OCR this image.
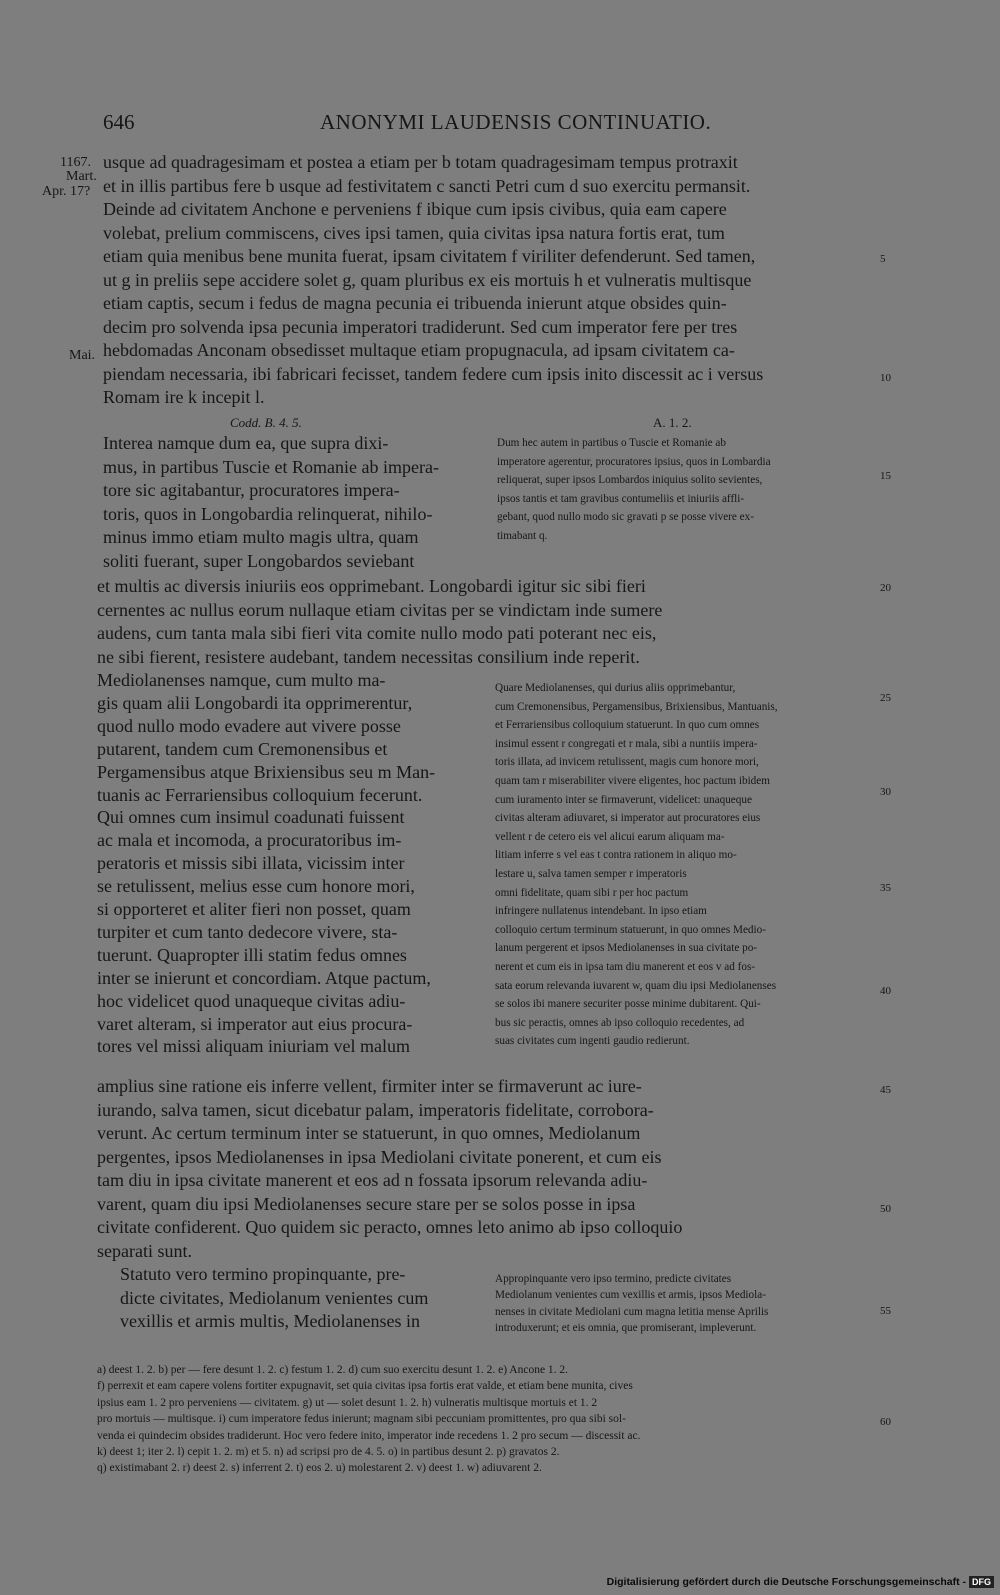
646	ANONYMI LAUDENSIS CONTINUATIO.
1167.
Mart.
Apr. 17?
Mai.
5
10
15
20
25
30
35
40
45
50
55
60
usque ad quadragesimam et postea a etiam per b totam quadragesimam tempus protraxit
et in illis partibus fere b usque ad festivitatem c sancti Petri cum d suo exercitu permansit.
Deinde ad civitatem Anchone e perveniens f ibique cum ipsis civibus, quia eam capere
volebat, prelium commiscens, cives ipsi tamen, quia civitas ipsa natura fortis erat, tum
etiam quia menibus bene munita fuerat, ipsam civitatem f viriliter defenderunt. Sed tamen,
ut g in preliis sepe accidere solet g, quam pluribus ex eis mortuis h et vulneratis multisque
etiam captis, secum i fedus de magna pecunia ei tribuenda inierunt atque obsides quin-
decim pro solvenda ipsa pecunia imperatori tradiderunt. Sed cum imperator fere per tres
hebdomadas Anconam obsedisset multaque etiam propugnacula, ad ipsam civitatem ca-
piendam necessaria, ibi fabricari fecisset, tandem federe cum ipsis inito discessit ac i versus
Romam ire k incepit l.
Codd. B. 4. 5.	A. 1. 2.
Interea namque dum ea, que supra dixi-
mus, in partibus Tuscie et Romanie ab impera-
tore sic agitabantur, procuratores impera-
toris, quos in Longobardia relinquerat, nihilo-
minus immo etiam multo magis ultra, quam
soliti fuerant, super Longobardos seviebant
Dum hec autem in partibus o Tuscie et Romanie ab
imperatore agerentur, procuratores ipsius, quos in Lombardia
reliquerat, super ipsos Lombardos iniquius solito sevientes,
ipsos tantis et tam gravibus contumeliis et iniuriis affli-
gebant, quod nullo modo sic gravati p se posse vivere ex-
timabant q.
et multis ac diversis iniuriis eos opprimebant. Longobardi igitur sic sibi fieri
cernentes ac nullus eorum nullaque etiam civitas per se vindictam inde sumere
audens, cum tanta mala sibi fieri vita comite nullo modo pati poterant nec eis,
ne sibi fierent, resistere audebant, tandem necessitas consilium inde reperit.
Mediolanenses namque, cum multo ma-
gis quam alii Longobardi ita opprimerentur,
quod nullo modo evadere aut vivere posse
putarent, tandem cum Cremonensibus et
Pergamensibus atque Brixiensibus seu m Man-
tuanis ac Ferrariensibus colloquium fecerunt.
Qui omnes cum insimul coadunati fuissent
ac mala et incomoda, a procuratoribus im-
peratoris et missis sibi illata, vicissim inter
se retulissent, melius esse cum honore mori,
si opporteret et aliter fieri non posset, quam
turpiter et cum tanto dedecore vivere, sta-
tuerunt. Quapropter illi statim fedus omnes
inter se inierunt et concordiam. Atque pactum,
hoc videlicet quod unaqueque civitas adiu-
varet alteram, si imperator aut eius procura-
tores vel missi aliquam iniuriam vel malum
Quare Mediolanenses, qui durius aliis opprimebantur,
cum Cremonensibus, Pergamensibus, Brixiensibus, Mantuanis,
et Ferrariensibus colloquium statuerunt. In quo cum omnes
insimul essent r congregati et r mala, sibi a nuntiis impera-
toris illata, ad invicem retulissent, magis cum honore mori,
quam tam r miserabiliter vivere eligentes, hoc pactum ibidem
cum iuramento inter se firmaverunt, videlicet: unaqueque
civitas alteram adiuvaret, si imperator aut procuratores eius
vellent r de cetero eis vel alicui earum aliquam ma-
litiam inferre s vel eas t contra rationem in aliquo mo-
lestare u, salva tamen semper r imperatoris
omni fidelitate, quam sibi r per hoc pactum
infringere nullatenus intendebant. In ipso etiam
colloquio certum terminum statuerunt, in quo omnes Medio-
lanum pergerent et ipsos Mediolanenses in sua civitate po-
nerent et cum eis in ipsa tam diu manerent et eos v ad fos-
sata eorum relevanda iuvarent w, quam diu ipsi Mediolanenses
se solos ibi manere securiter posse minime dubitarent. Qui-
bus sic peractis, omnes ab ipso colloquio recedentes, ad
suas civitates cum ingenti gaudio redierunt.
amplius sine ratione eis inferre vellent, firmiter inter se firmaverunt ac iure-
iurando, salva tamen, sicut dicebatur palam, imperatoris fidelitate, corrobora-
verunt. Ac certum terminum inter se statuerunt, in quo omnes, Mediolanum
pergentes, ipsos Mediolanenses in ipsa Mediolani civitate ponerent, et cum eis
tam diu in ipsa civitate manerent et eos ad n fossata ipsorum relevanda adiu-
varent, quam diu ipsi Mediolanenses secure stare per se solos posse in ipsa
civitate confiderent. Quo quidem sic peracto, omnes leto animo ab ipso colloquio
separati sunt.
Statuto vero termino propinquante, pre-
dicte civitates, Mediolanum venientes cum
vexillis et armis multis, Mediolanenses in
Appropinquante vero ipso termino, predicte civitates
Mediolanum venientes cum vexillis et armis, ipsos Mediola-
nenses in civitate Mediolani cum magna letitia mense Aprilis
introduxerunt; et eis omnia, que promiserant, impleverunt.
a) deest 1. 2. b) per — fere desunt 1. 2. c) festum 1. 2. d) cum suo exercitu desunt 1. 2. e) Ancone 1. 2.
f) perrexit et eam capere volens fortiter expugnavit, set quia civitas ipsa fortis erat valde, et etiam bene munita, cives
ipsius eam 1. 2 pro perveniens — civitatem. g) ut — solet desunt 1. 2. h) vulneratis multisque mortuis et 1. 2
pro mortuis — multisque. i) cum imperatore fedus inierunt; magnam sibi peccuniam promittentes, pro qua sibi sol-
venda ei quindecim obsides tradiderunt. Hoc vero federe inito, imperator inde recedens 1. 2 pro secum — discessit ac.
k) deest 1; iter 2. l) cepit 1. 2. m) et 5. n) ad scripsi pro de 4. 5. o) in partibus desunt 2. p) gravatos 2.
q) existimabant 2. r) deest 2. s) inferrent 2. t) eos 2. u) molestarent 2. v) deest 1. w) adiuvarent 2.
Digitalisierung gefördert durch die Deutsche Forschungsgemeinschaft - DFG
